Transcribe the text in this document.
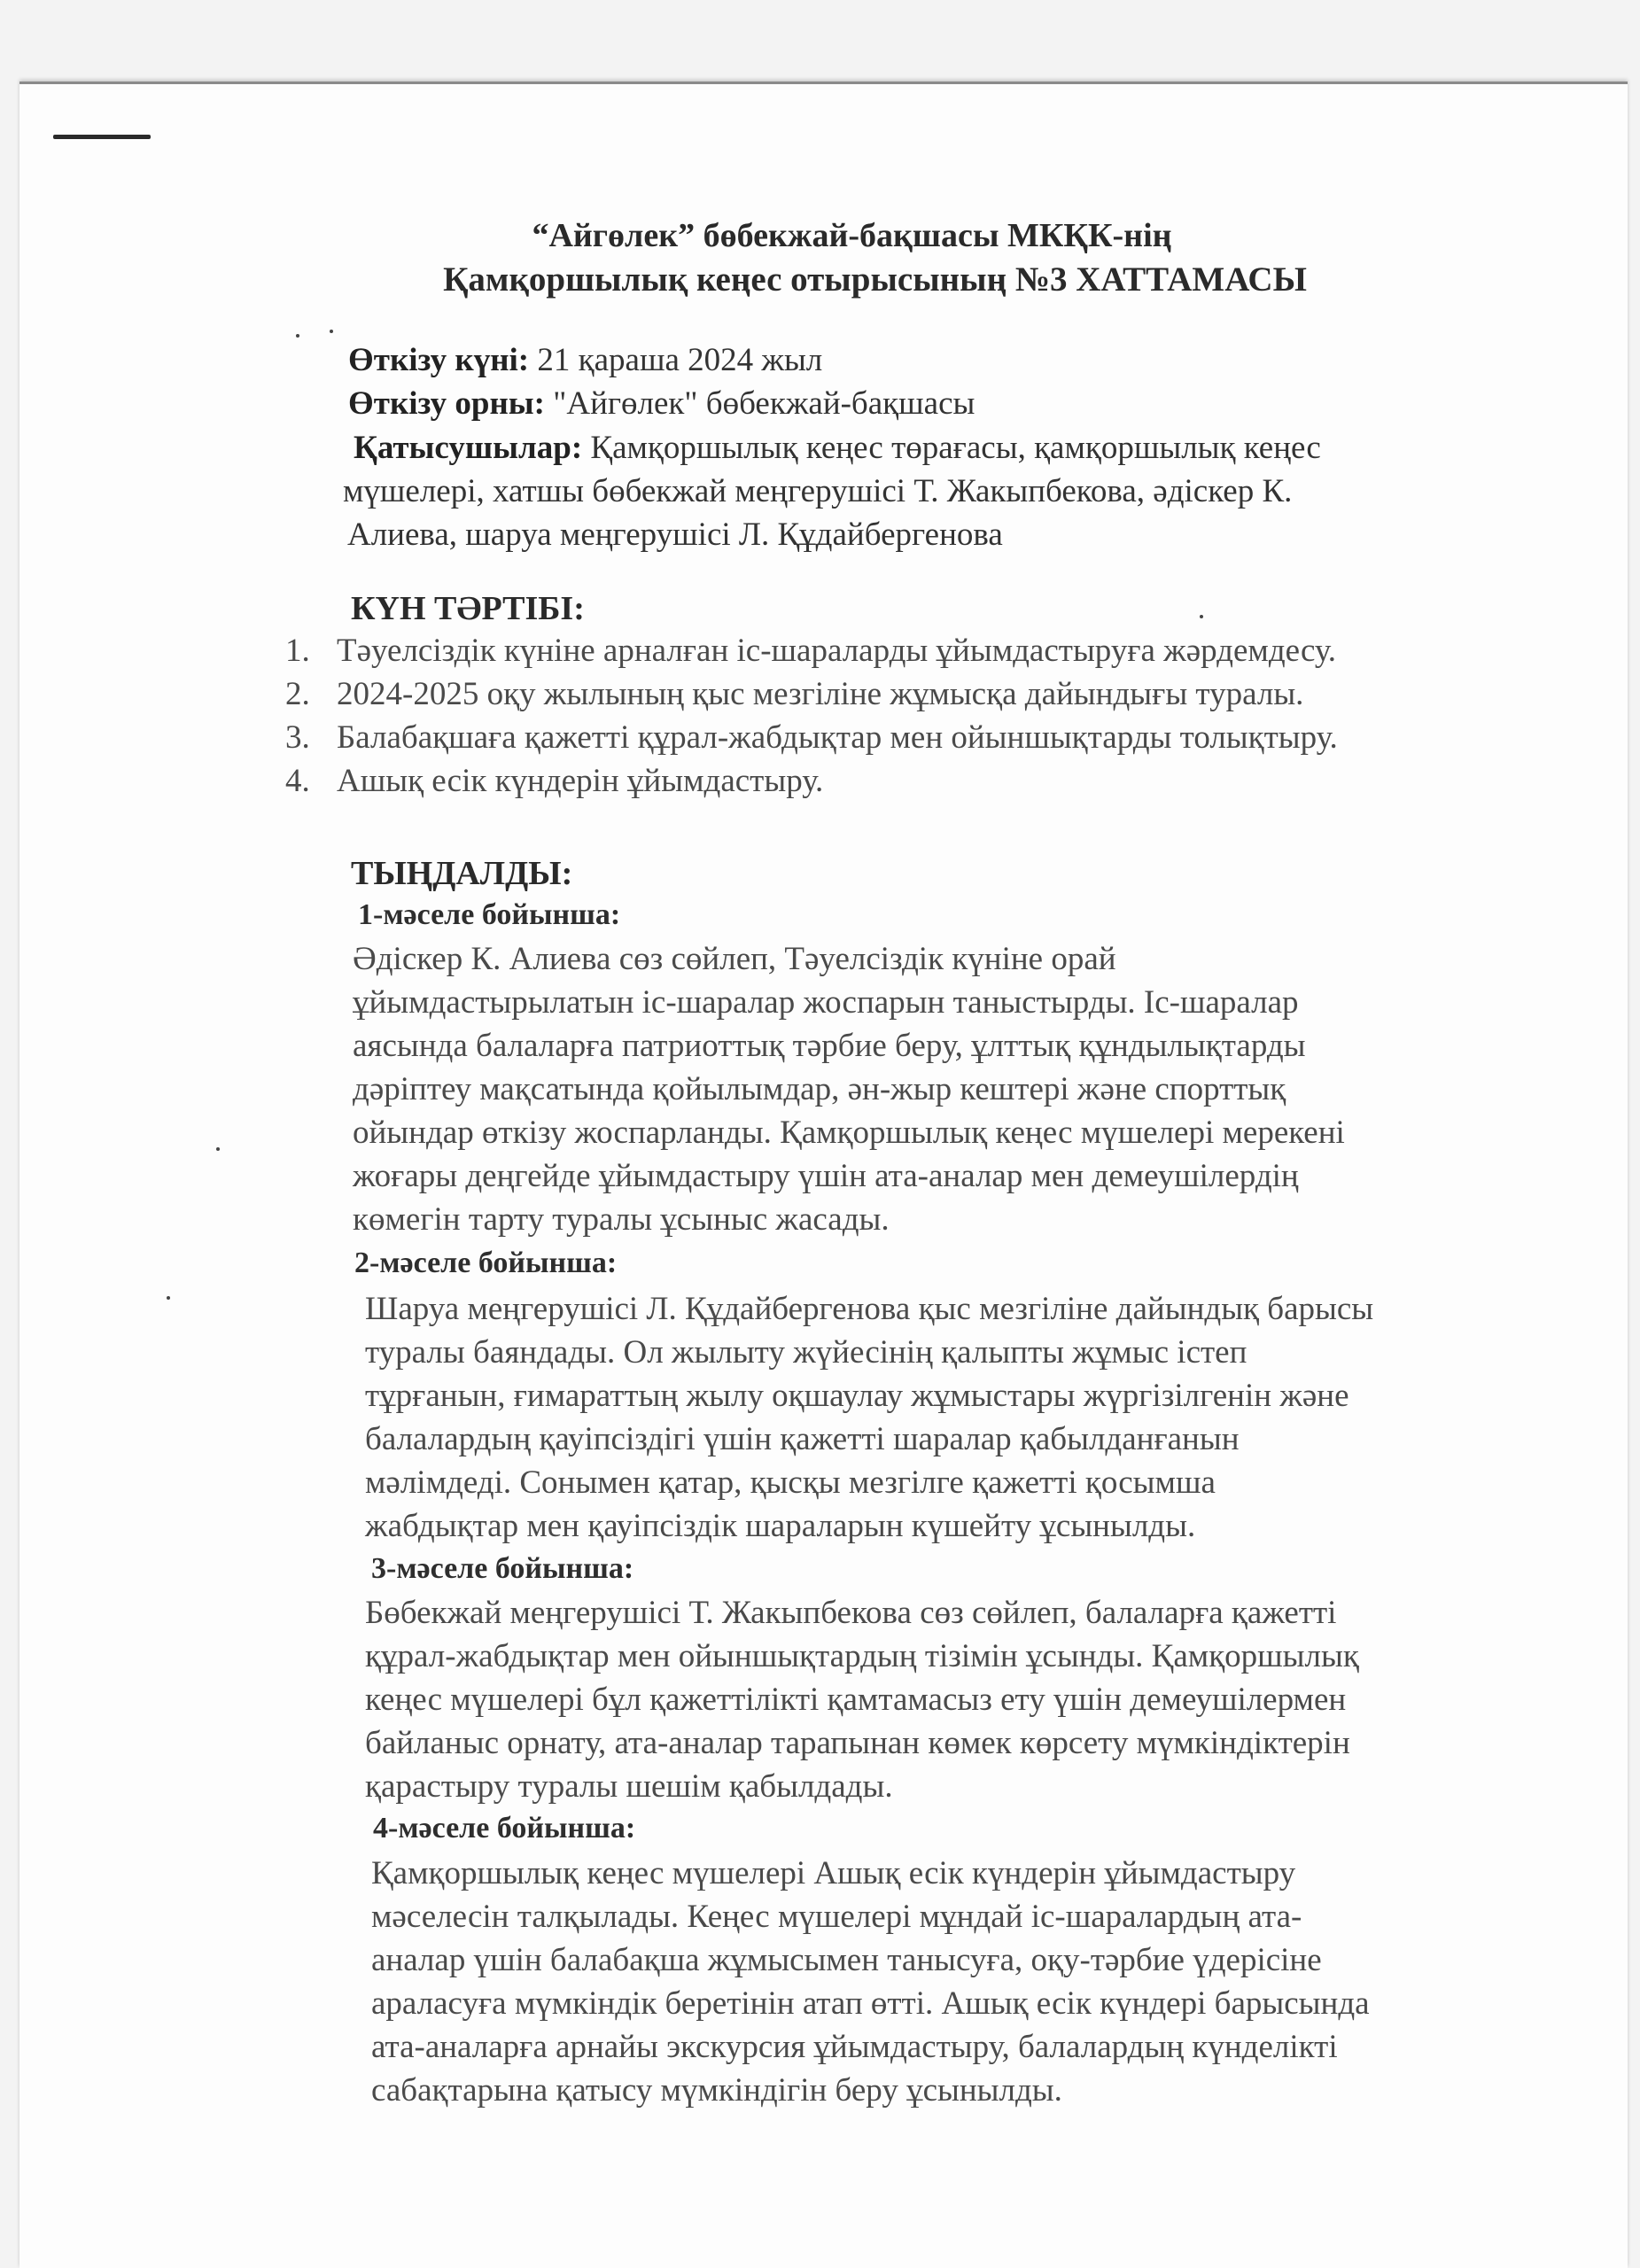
“Айгөлек” бөбекжай-бақшасы МКҚК-нің
Қамқоршылық кеңес отырысының №3 ХАТТАМАСЫ
Өткізу күні: 21 қараша 2024 жыл
Өткізу орны: "Айгөлек" бөбекжай-бақшасы
Қатысушылар: Қамқоршылық кеңес төрағасы, қамқоршылық кеңес
мүшелері, хатшы бөбекжай меңгерушісі Т. Жакыпбекова, әдіскер К.
Алиева, шаруа меңгерушісі Л. Құдайбергенова
КҮН ТӘРТІБІ:
1. Тәуелсіздік күніне арналған іс-шараларды ұйымдастыруға жәрдемдесу.
2. 2024-2025 оқу жылының қыс мезгіліне жұмысқа дайындығы туралы.
3. Балабақшаға қажетті құрал-жабдықтар мен ойыншықтарды толықтыру.
4. Ашық есік күндерін ұйымдастыру.
ТЫҢДАЛДЫ:
1-мәселе бойынша:
Әдіскер К. Алиева сөз сөйлеп, Тәуелсіздік күніне орай
ұйымдастырылатын іс-шаралар жоспарын таныстырды. Іс-шаралар
аясында балаларға патриоттық тәрбие беру, ұлттық құндылықтарды
дәріптеу мақсатында қойылымдар, ән-жыр кештері және спорттық
ойындар өткізу жоспарланды. Қамқоршылық кеңес мүшелері мерекені
жоғары деңгейде ұйымдастыру үшін ата-аналар мен демеушілердің
көмегін тарту туралы ұсыныс жасады.
2-мәселе бойынша:
Шаруа меңгерушісі Л. Құдайбергенова қыс мезгіліне дайындық барысы
туралы баяндады. Ол жылыту жүйесінің қалыпты жұмыс істеп
тұрғанын, ғимараттың жылу оқшаулау жұмыстары жүргізілгенін және
балалардың қауіпсіздігі үшін қажетті шаралар қабылданғанын
мәлімдеді. Сонымен қатар, қысқы мезгілге қажетті қосымша
жабдықтар мен қауіпсіздік шараларын күшейту ұсынылды.
3-мәселе бойынша:
Бөбекжай меңгерушісі Т. Жакыпбекова сөз сөйлеп, балаларға қажетті
құрал-жабдықтар мен ойыншықтардың тізімін ұсынды. Қамқоршылық
кеңес мүшелері бұл қажеттілікті қамтамасыз ету үшін демеушілермен
байланыс орнату, ата-аналар тарапынан көмек көрсету мүмкіндіктерін
қарастыру туралы шешім қабылдады.
4-мәселе бойынша:
Қамқоршылық кеңес мүшелері Ашық есік күндерін ұйымдастыру
мәселесін талқылады. Кеңес мүшелері мұндай іс-шаралардың ата-
аналар үшін балабақша жұмысымен танысуға, оқу-тәрбие үдерісіне
араласуға мүмкіндік беретінін атап өтті. Ашық есік күндері барысында
ата-аналарға арнайы экскурсия ұйымдастыру, балалардың күнделікті
сабақтарына қатысу мүмкіндігін беру ұсынылды.
